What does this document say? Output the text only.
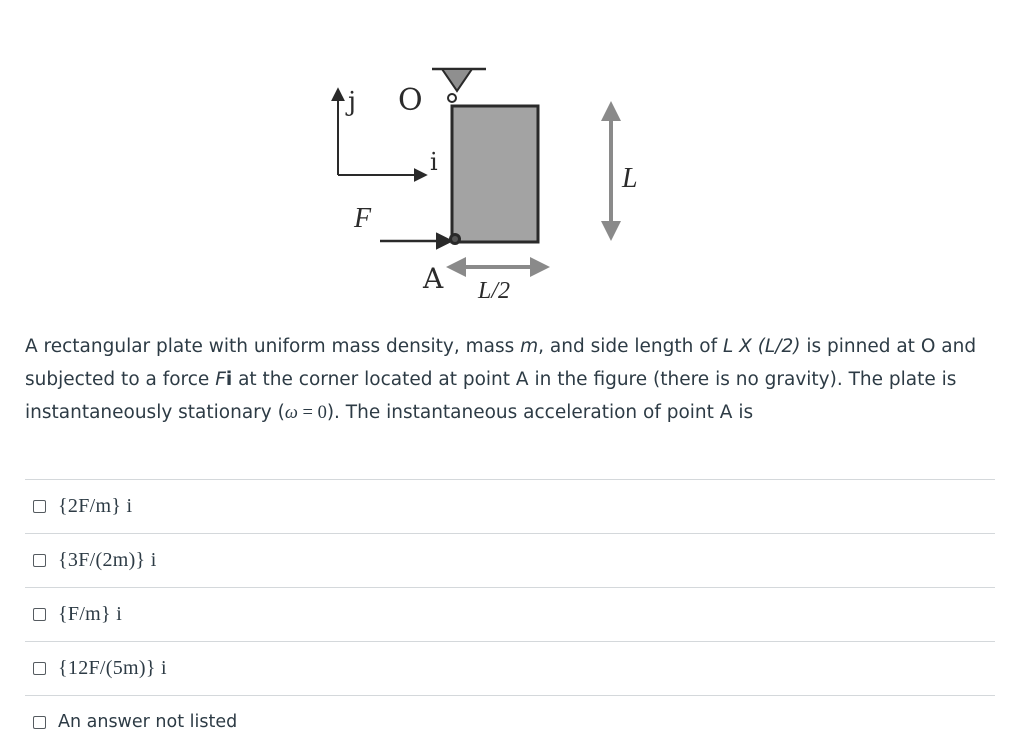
j
i
O
F
A L/2
L
A rectangular plate with uniform mass density, mass m, and side length of L X (L/2) is pinned at O and subjected to a force Fi at the corner located at point A in the figure (there is no gravity). The plate is instantaneously stationary (ω = 0). The instantaneous acceleration of point A is
{2F/m} i
{3F/(2m)} i
{F/m} i
{12F/(5m)} i
An answer not listed
